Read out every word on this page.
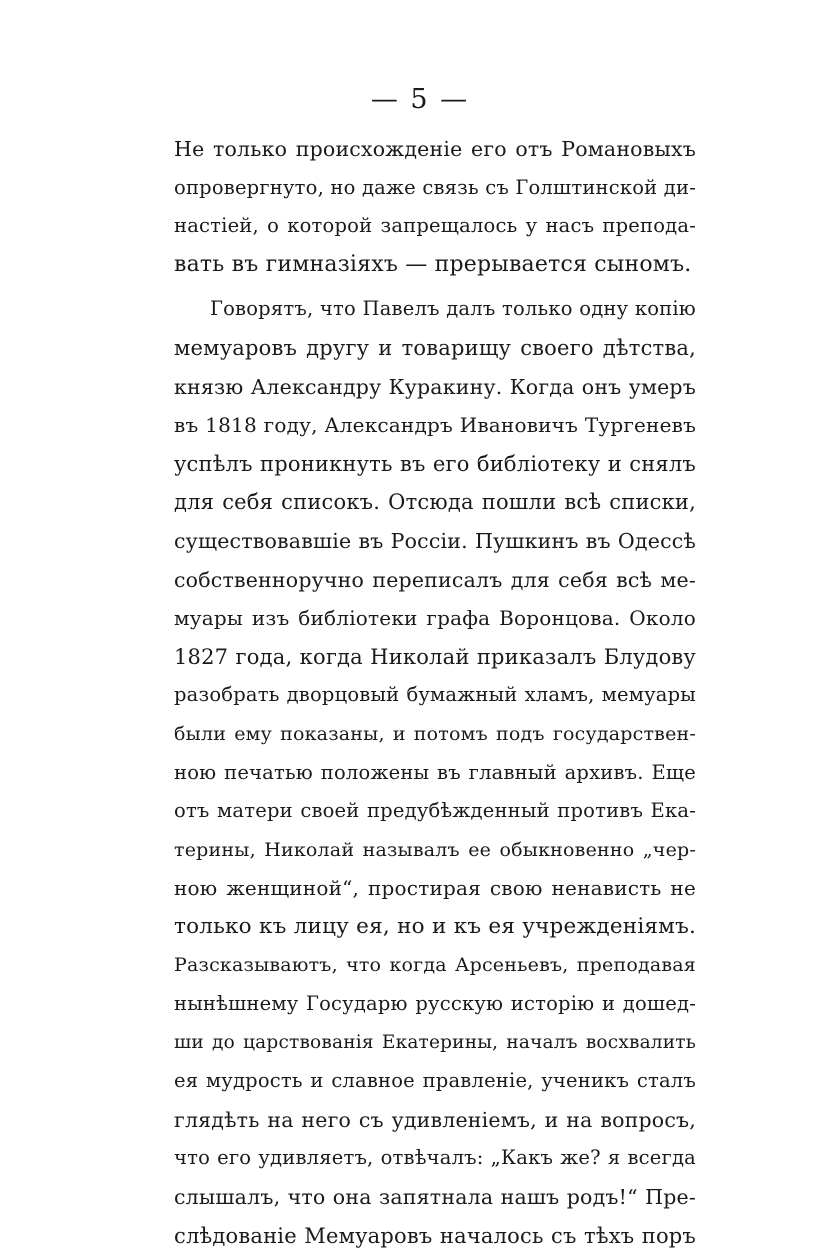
— 5 —
Не только происхожденіе его отъ Романовыхъ
опровергнуто, но даже связь съ Голштинской ди-
настіей, о которой запрещалось у насъ препода-
вать въ гимназіяхъ — прерывается сыномъ.
Говорятъ, что Павелъ далъ только одну копію
мемуаровъ другу и товарищу своего дѣтства,
князю Александру Куракину. Когда онъ умеръ
въ 1818 году, Александръ Ивановичъ Тургеневъ
успѣлъ проникнуть въ его библіотеку и снялъ
для себя списокъ. Отсюда пошли всѣ списки,
существовавшіе въ Россіи. Пушкинъ въ Одессѣ
собственноручно переписалъ для себя всѣ ме-
муары изъ библіотеки графа Воронцова. Около
1827 года, когда Николай приказалъ Блудову
разобрать дворцовый бумажный хламъ, мемуары
были ему показаны, и потомъ подъ государствен-
ною печатью положены въ главный архивъ. Еще
отъ матери своей предубѣжденный противъ Ека-
терины, Николай называлъ ее обыкновенно „чер-
ною женщиной“, простирая свою ненависть не
только къ лицу ея, но и къ ея учрежденіямъ.
Разсказываютъ, что когда Арсеньевъ, преподавая
нынѣшнему Государю русскую исторію и дошед-
ши до царствованія Екатерины, началъ восхвалить
ея мудрость и славное правленіе, ученикъ сталъ
глядѣть на него съ удивленіемъ, и на вопросъ,
что его удивляетъ, отвѣчалъ: „Какъ же? я всегда
слышалъ, что она запятнала нашъ родъ!“ Пре-
слѣдованіе Мемуаровъ началось съ тѣхъ поръ
